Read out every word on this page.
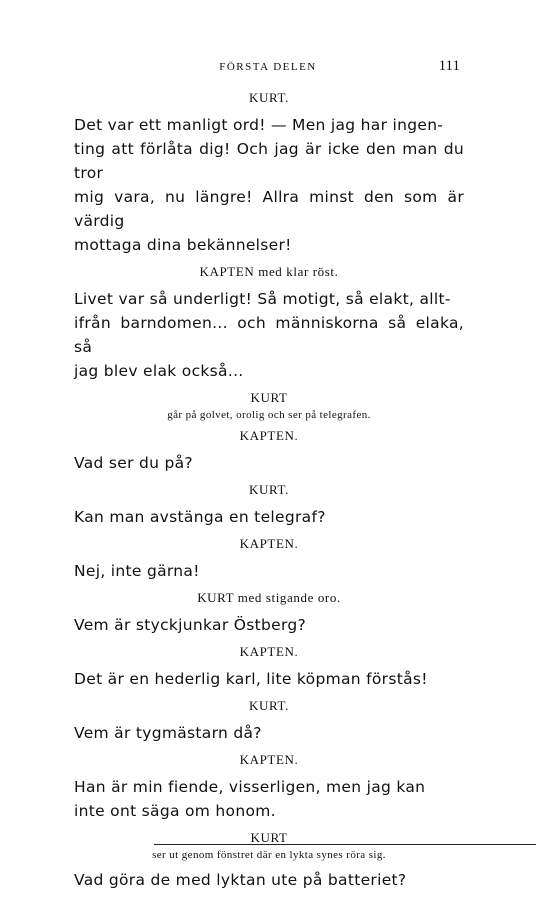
FÖRSTA DELEN	111
KURT.
Det var ett manligt ord! — Men jag har ingen-
ting att förlåta dig! Och jag är icke den man du tror
mig vara, nu längre! Allra minst den som är värdig
mottaga dina bekännelser!
KAPTEN med klar röst.
Livet var så underligt! Så motigt, så elakt, allt-
ifrån barndomen... och människorna så elaka, så
jag blev elak också...
KURT
går på golvet, orolig och ser på telegrafen.
KAPTEN.
Vad ser du på?
KURT.
Kan man avstänga en telegraf?
KAPTEN.
Nej, inte gärna!
KURT med stigande oro.
Vem är styckjunkar Östberg?
KAPTEN.
Det är en hederlig karl, lite köpman förstås!
KURT.
Vem är tygmästarn då?
KAPTEN.
Han är min fiende, visserligen, men jag kan
inte ont säga om honom.
KURT
ser ut genom fönstret där en lykta synes röra sig.
Vad göra de med lyktan ute på batteriet?
